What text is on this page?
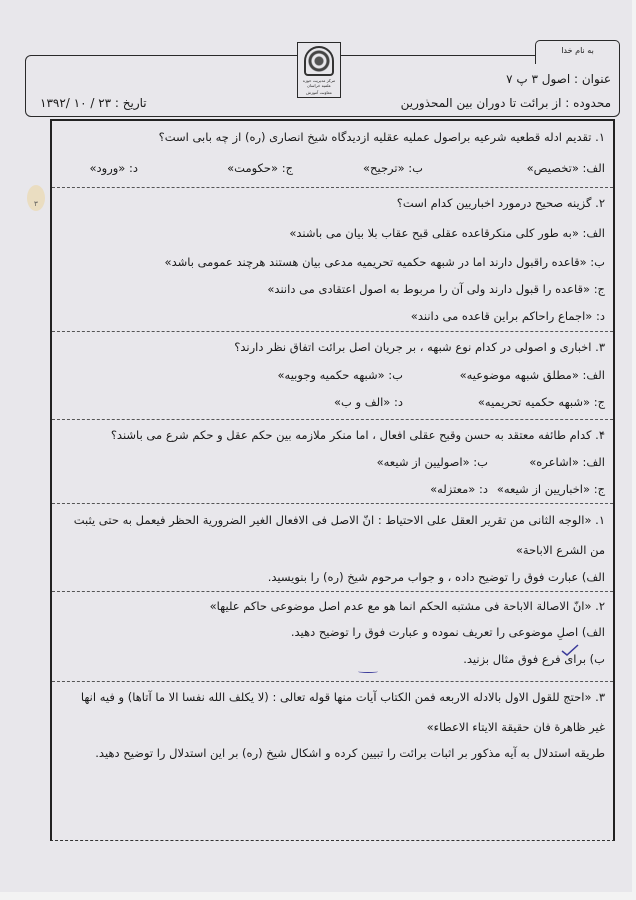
۳
به نام خدا
مرکز مدیریت حوزه علمیه خراسان
معاونت آموزش
عنوان : اصول ۳ پ ۷
محدوده : از برائت تا دوران بین المحذورین
تاریخ : ۲۳ / ۱۰ /۱۳۹۲
۱. تقدیم ادله قطعیه شرعیه براصول عملیه عقلیه ازدیدگاه شیخ انصاری (ره) از چه بابی است؟
الف: «تخصیص»
ب: «ترجیح»
ج: «حکومت»
د: «ورود»
۲. گزینه صحیح درمورد اخباریین کدام است؟
الف: «به طور کلی منکرقاعده عقلی قبح عقاب بلا بیان می باشند»
ب: «قاعده راقبول دارند اما در شبهه حکمیه تحریمیه مدعی بیان هستند هرچند عمومی باشد»
ج: «قاعده را قبول دارند ولی آن را مربوط به اصول اعتقادی می دانند»
د: «اجماع راحاکم براین قاعده می دانند»
۳. اخباری و اصولی در کدام نوع شبهه ، بر جریان اصل برائت اتفاق نظر دارند؟
الف: «مطلق شبهه موضوعیه»
ب: «شبهه حکمیه وجوبیه»
ج: «شبهه حکمیه تحریمیه»
د: «الف و ب»
۴. کدام طائفه معتقد به حسن وقبح عقلی افعال ، اما منکر ملازمه بین حکم عقل و حکم شرع می باشند؟
الف: «اشاعره»
ب: «اصولیین از شیعه»
ج: «اخباریین از شیعه»
د: «معتزله»
۱. «الوجه الثانی من تقریر العقل علی الاحتیاط : انّ الاصل فی الافعال الغیر الضروریة الحظر فیعمل به حتی یثبت
من الشرع الاباحة»
الف) عبارت فوق را توضیح داده ، و جواب مرحوم شیخ (ره) را بنویسید.
۲. «انّ الاصالة الاباحة فی مشتبه الحکم انما هو مع عدم اصل موضوعی حاکم علیها»
الف) اصلِ موضوعی را تعریف نموده و عبارت فوق را توضیح دهید.
ب) برای فرع فوق مثال بزنید.
۳. «احتج للقول الاول بالادله الاربعه فمن الکتاب آیات منها قوله تعالی : (لا یکلف الله نفسا الا ما آتاها) و فیه انها
غیر ظاهرة فان حقیقة الایتاء الاعطاء»
طریقه استدلال به آیه مذکور بر اثبات برائت را تبیین کرده و اشکال شیخ (ره) بر این استدلال را توضیح دهید.
